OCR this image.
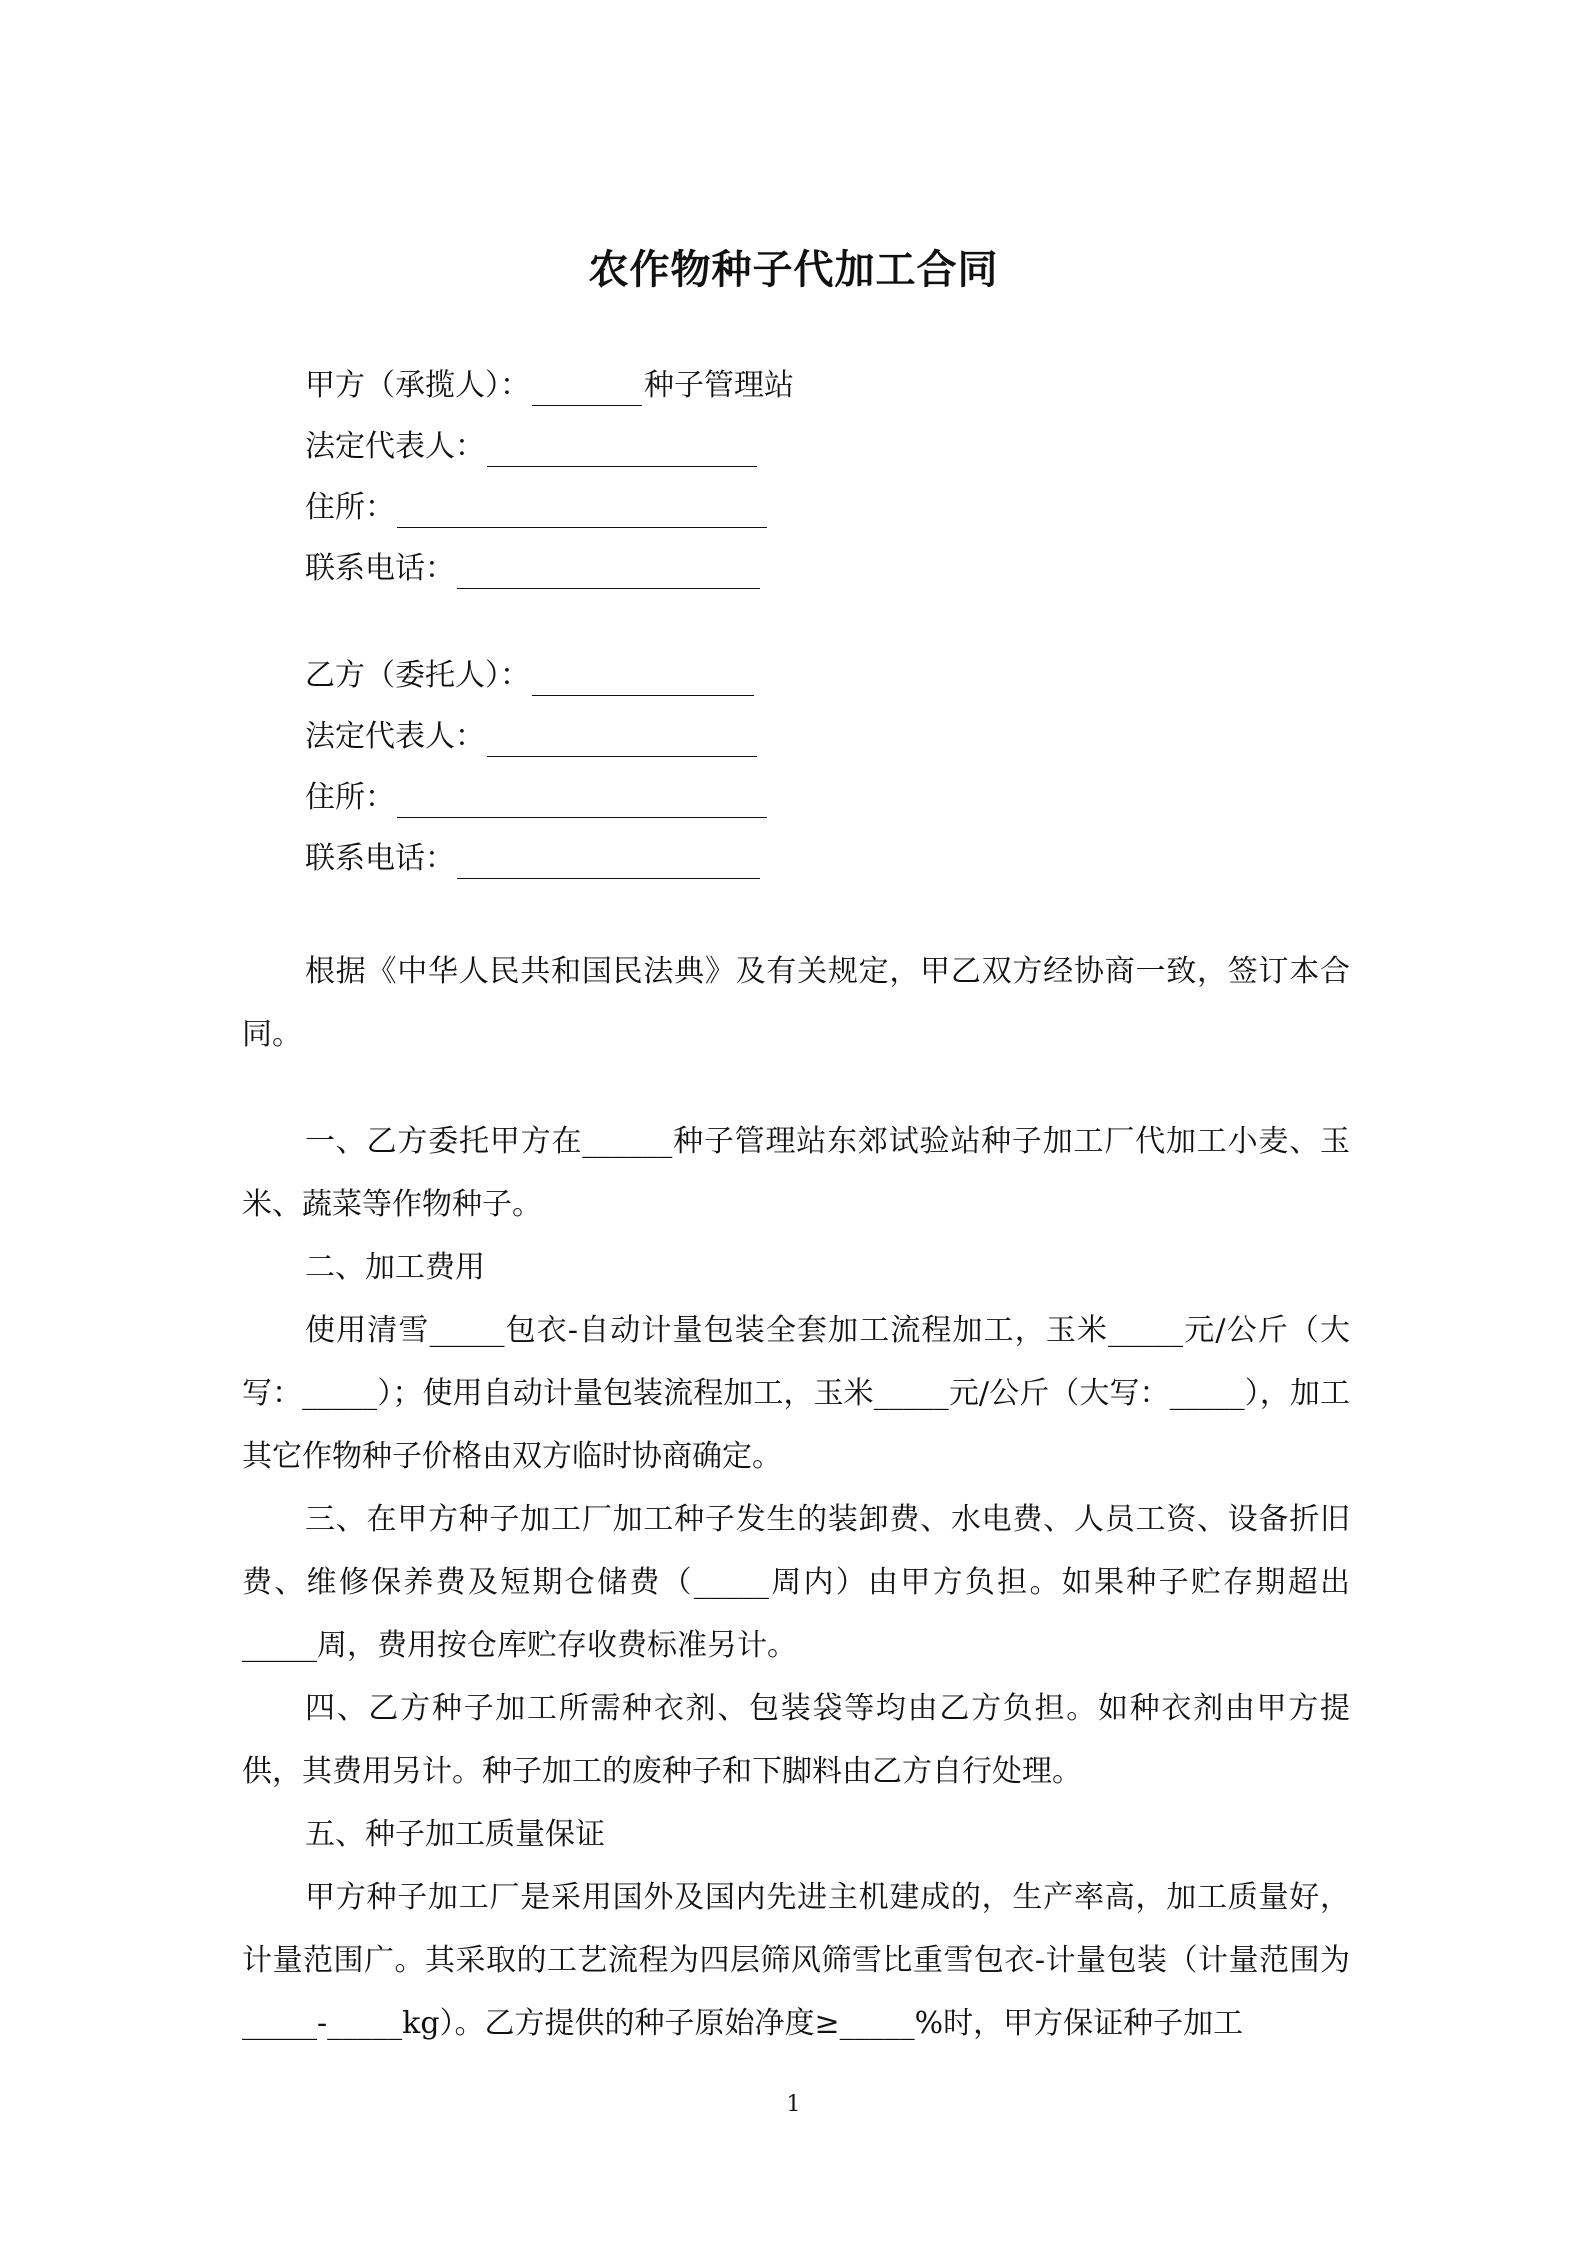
农作物种子代加工合同
甲方（承揽人）：	种子管理站
法定代表人：
住所：
联系电话：
乙方（委托人）：
法定代表人：
住所：
联系电话：
根据《中华人民共和国民法典》及有关规定，甲乙双方经协商一致，签订本合同。
一、乙方委托甲方在______种子管理站东郊试验站种子加工厂代加工小麦、玉米、蔬菜等作物种子。
二、加工费用
使用清雪_____包衣-自动计量包装全套加工流程加工，玉米_____元/公斤（大写：_____）；使用自动计量包装流程加工，玉米_____元/公斤（大写：_____），加工其它作物种子价格由双方临时协商确定。
三、在甲方种子加工厂加工种子发生的装卸费、水电费、人员工资、设备折旧费、维修保养费及短期仓储费（_____周内）由甲方负担。如果种子贮存期超出_____周，费用按仓库贮存收费标准另计。
四、乙方种子加工所需种衣剂、包装袋等均由乙方负担。如种衣剂由甲方提供，其费用另计。种子加工的废种子和下脚料由乙方自行处理。
五、种子加工质量保证
甲方种子加工厂是采用国外及国内先进主机建成的，生产率高，加工质量好，计量范围广。其采取的工艺流程为四层筛风筛雪比重雪包衣-计量包装（计量范围为_____-_____kg）。乙方提供的种子原始净度≥_____%时，甲方保证种子加工
1
